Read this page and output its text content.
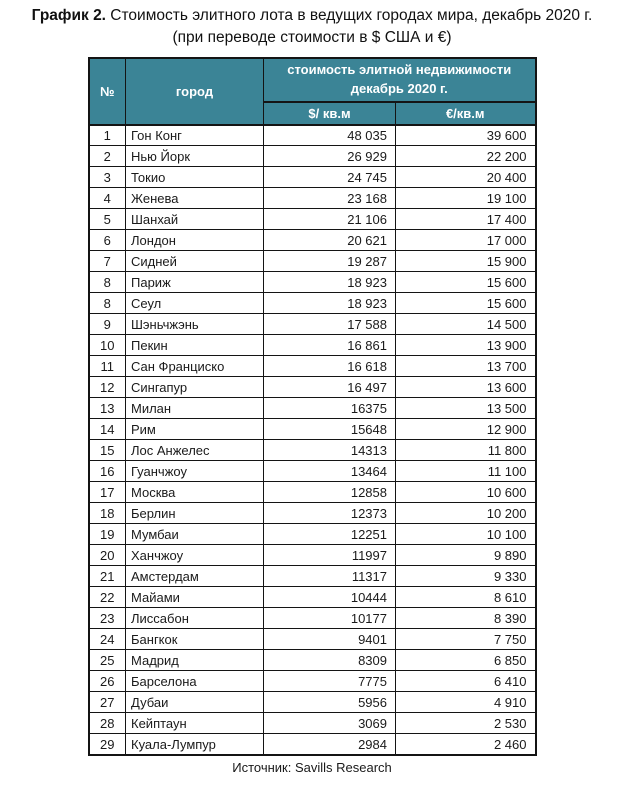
График 2. Стоимость элитного лота в ведущих городах мира, декабрь 2020 г.
(при переводе стоимости в $ США и €)
№	город	стоимость элитной недвижимости декабрь 2020 г.	
		$/ кв.м	€/кв.м
1	Гон Конг	48 035	39 600
2	Нью Йорк	26 929	22 200
3	Токио	24 745	20 400
4	Женева	23 168	19 100
5	Шанхай	21 106	17 400
6	Лондон	20 621	17 000
7	Сидней	19 287	15 900
8	Париж	18 923	15 600
8	Сеул	18 923	15 600
9	Шэньчжэнь	17 588	14 500
10	Пекин	16 861	13 900
11	Сан Франциско	16 618	13 700
12	Сингапур	16 497	13 600
13	Милан	16375	13 500
14	Рим	15648	12 900
15	Лос Анжелес	14313	11 800
16	Гуанчжоу	13464	11 100
17	Москва	12858	10 600
18	Берлин	12373	10 200
19	Мумбаи	12251	10 100
20	Ханчжоу	11997	9 890
21	Амстердам	11317	9 330
22	Майами	10444	8 610
23	Лиссабон	10177	8 390
24	Бангкок	9401	7 750
25	Мадрид	8309	6 850
26	Барселона	7775	6 410
27	Дубаи	5956	4 910
28	Кейптаун	3069	2 530
29	Куала-Лумпур	2984	2 460
Источник: Savills Research
